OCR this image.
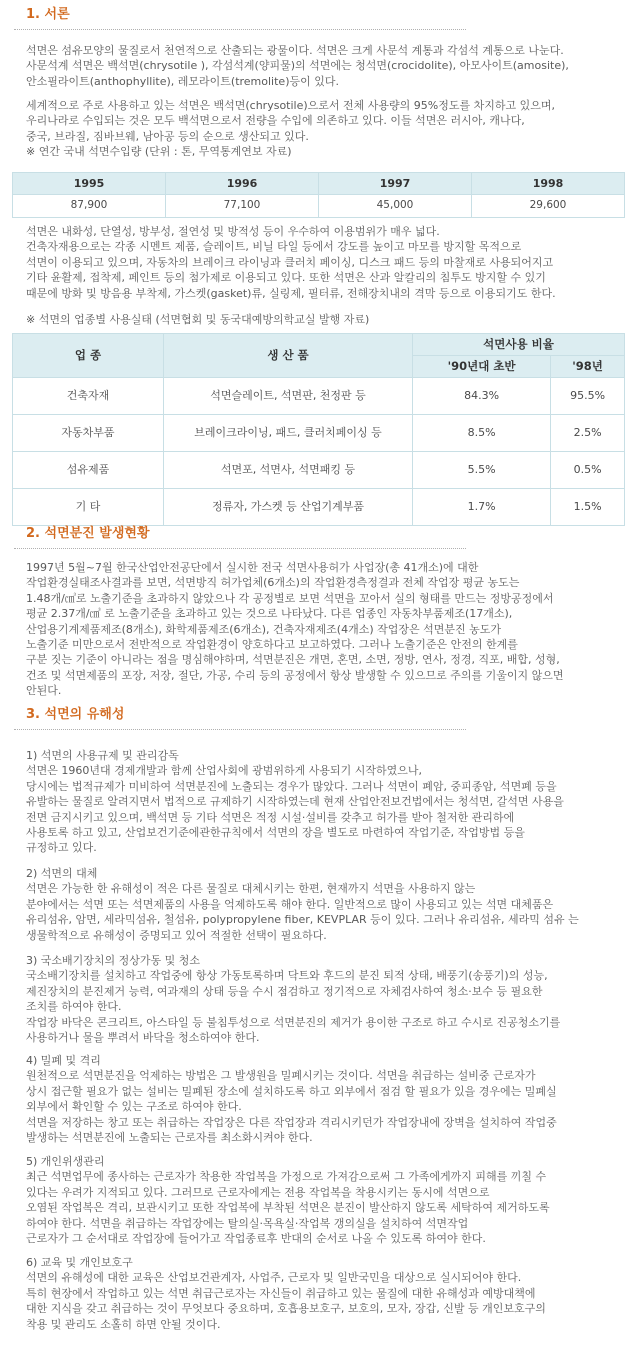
1. 서론
석면은 섬유모양의 물질로서 천연적으로 산출되는 광물이다. 석면은 크게 사문석 계통과 각섬석 계통으로 나눈다.
사문석계 석면은 백석면(chrysotile ), 각섬석계(양피물)의 석면에는 청석면(crocidolite), 아모사이트(amosite),
안소필라이트(anthophyllite), 레모라이트(tremolite)등이 있다.
세계적으로 주로 사용하고 있는 석면은 백석면(chrysotile)으로서 전체 사용량의 95%정도를 차지하고 있으며,
우리나라로 수입되는 것은 모두 백석면으로서 전량을 수입에 의존하고 있다. 이들 석면은 러시아, 캐나다,
중국, 브라질, 짐바브웨, 남아공 등의 순으로 생산되고 있다.
※ 연간 국내 석면수입량 (단위 : 톤, 무역통계연보 자료)
1995	1996	1997	1998
87,900	77,100	45,000	29,600
석면은 내화성, 단열성, 방부성, 절연성 및 방적성 등이 우수하여 이용범위가 매우 넓다.
건축자재용으로는 각종 시멘트 제품, 슬레이트, 비닐 타일 등에서 강도를 높이고 마모를 방지할 목적으로
석면이 이용되고 있으며, 자동차의 브레이크 라이닝과 클러치 페이싱, 디스크 패드 등의 마찰재로 사용되어지고
기타 윤활제, 접착제, 페인트 등의 첨가제로 이용되고 있다. 또한 석면은 산과 알칼리의 침투도 방지할 수 있기
때문에 방화 및 방음용 부착제, 가스켓(gasket)류, 실링제, 필터류, 전해장치내의 격막 등으로 이용되기도 한다.
※ 석면의 업종별 사용실태 (석면협회 및 동국대예방의학교실 발행 자료)
업 종	생 산 품	석면사용 비율	
		'90년대 초반	'98년
건축자재	석면슬레이트, 석면판, 천정판 등	84.3%	95.5%
자동차부품	브레이크라이닝, 패드, 클러치페이싱 등	8.5%	2.5%
섬유제품	석면포, 석면사, 석면패킹 등	5.5%	0.5%
기 타	정류자, 가스켓 등 산업기계부품	1.7%	1.5%
2. 석면분진 발생현황
1997년 5월~7월 한국산업안전공단에서 실시한 전국 석면사용허가 사업장(총 41개소)에 대한
작업환경실태조사결과를 보면, 석면방직 허가업체(6개소)의 작업환경측정결과 전체 작업장 평균 농도는
1.48개/㎤로 노출기준을 초과하지 않았으나 각 공정별로 보면 석면을 꼬아서 실의 형태를 만드는 정방공정에서
평균 2.37개/㎤ 로 노출기준을 초과하고 있는 것으로 나타났다. 다른 업종인 자동차부품제조(17개소),
산업용기계제품제조(8개소), 화학제품제조(6개소), 건축자재제조(4개소) 작업장은 석면분진 농도가
노출기준 미만으로서 전반적으로 작업환경이 양호하다고 보고하였다. 그러나 노출기준은 안전의 한계를
구분 짓는 기준이 아니라는 점을 명심해야하며, 석면분진은 개면, 혼면, 소면, 정방, 연사, 정경, 직포, 배합, 성형,
건조 및 석면제품의 포장, 저장, 절단, 가공, 수리 등의 공정에서 항상 발생할 수 있으므로 주의를 기울이지 않으면
안된다.
3. 석면의 유해성
1) 석면의 사용규제 및 관리감독
석면은 1960년대 경제개발과 함께 산업사회에 광범위하게 사용되기 시작하였으나,
당시에는 법적규제가 미비하여 석면분진에 노출되는 경우가 많았다. 그러나 석면이 폐암, 중피종암, 석면폐 등을
유발하는 물질로 알려지면서 법적으로 규제하기 시작하였는데 현재 산업안전보건법에서는 청석면, 갈석면 사용을
전면 금지시키고 있으며, 백석면 등 기타 석면은 적정 시설·설비를 갖추고 허가를 받아 철저한 관리하에
사용토록 하고 있고, 산업보건기준에관한규칙에서 석면의 장을 별도로 마련하여 작업기준, 작업방법 등을
규정하고 있다.
2) 석면의 대체
석면은 가능한 한 유해성이 적은 다른 물질로 대체시키는 한편, 현재까지 석면을 사용하지 않는
분야에서는 석면 또는 석면제품의 사용을 억제하도록 해야 한다. 일반적으로 많이 사용되고 있는 석면 대체품은
유리섬유, 암면, 세라믹섬유, 철섬유, polypropylene fiber, KEVPLAR 등이 있다. 그러나 유리섬유, 세라믹 섬유 는
생물학적으로 유해성이 증명되고 있어 적절한 선택이 필요하다.
3) 국소배기장치의 정상가동 및 청소
국소배기장치를 설치하고 작업중에 항상 가동토록하며 닥트와 후드의 분진 퇴적 상태, 배풍기(송풍기)의 성능,
제진장치의 분진제거 능력, 여과재의 상태 등을 수시 점검하고 정기적으로 자체검사하여 청소·보수 등 필요한
조치를 하여야 한다.
작업장 바닥은 콘크리트, 아스타일 등 불침투성으로 석면분진의 제거가 용이한 구조로 하고 수시로 진공청소기를
사용하거나 물을 뿌려서 바닥을 청소하여야 한다.
4) 밀폐 및 격리
원천적으로 석면분진을 억제하는 방법은 그 발생원을 밀폐시키는 것이다. 석면을 취급하는 설비중 근로자가
상시 접근할 필요가 없는 설비는 밀폐된 장소에 설치하도록 하고 외부에서 점검 할 필요가 있을 경우에는 밀폐실
외부에서 확인할 수 있는 구조로 하여야 한다.
석면을 저장하는 창고 또는 취급하는 작업장은 다른 작업장과 격리시키던가 작업장내에 장벽을 설치하여 작업중
발생하는 석면분진에 노출되는 근로자를 최소화시켜야 한다.
5) 개인위생관리
최근 석면업무에 종사하는 근로자가 착용한 작업복을 가정으로 가져감으로써 그 가족에게까지 피해를 끼칠 수
있다는 우려가 지적되고 있다. 그러므로 근로자에게는 전용 작업복을 착용시키는 동시에 석면으로
오염된 작업복은 격리, 보관시키고 또한 작업복에 부착된 석면은 분진이 발산하지 않도록 세탁하여 제거하도록
하여야 한다. 석면을 취급하는 작업장에는 탈의실·목욕실·작업복 갱의실을 설치하여 석면작업
근로자가 그 순서대로 작업장에 들어가고 작업종료후 반대의 순서로 나올 수 있도록 하여야 한다.
6) 교육 및 개인보호구
석면의 유해성에 대한 교육은 산업보건관계자, 사업주, 근로자 및 일반국민을 대상으로 실시되어야 한다.
특히 현장에서 작업하고 있는 석면 취급근로자는 자신들이 취급하고 있는 물질에 대한 유해성과 예방대책에
대한 지식을 갖고 취급하는 것이 무엇보다 중요하며, 호흡용보호구, 보호의, 모자, 장갑, 신발 등 개인보호구의
착용 및 관리도 소홀히 하면 안될 것이다.
